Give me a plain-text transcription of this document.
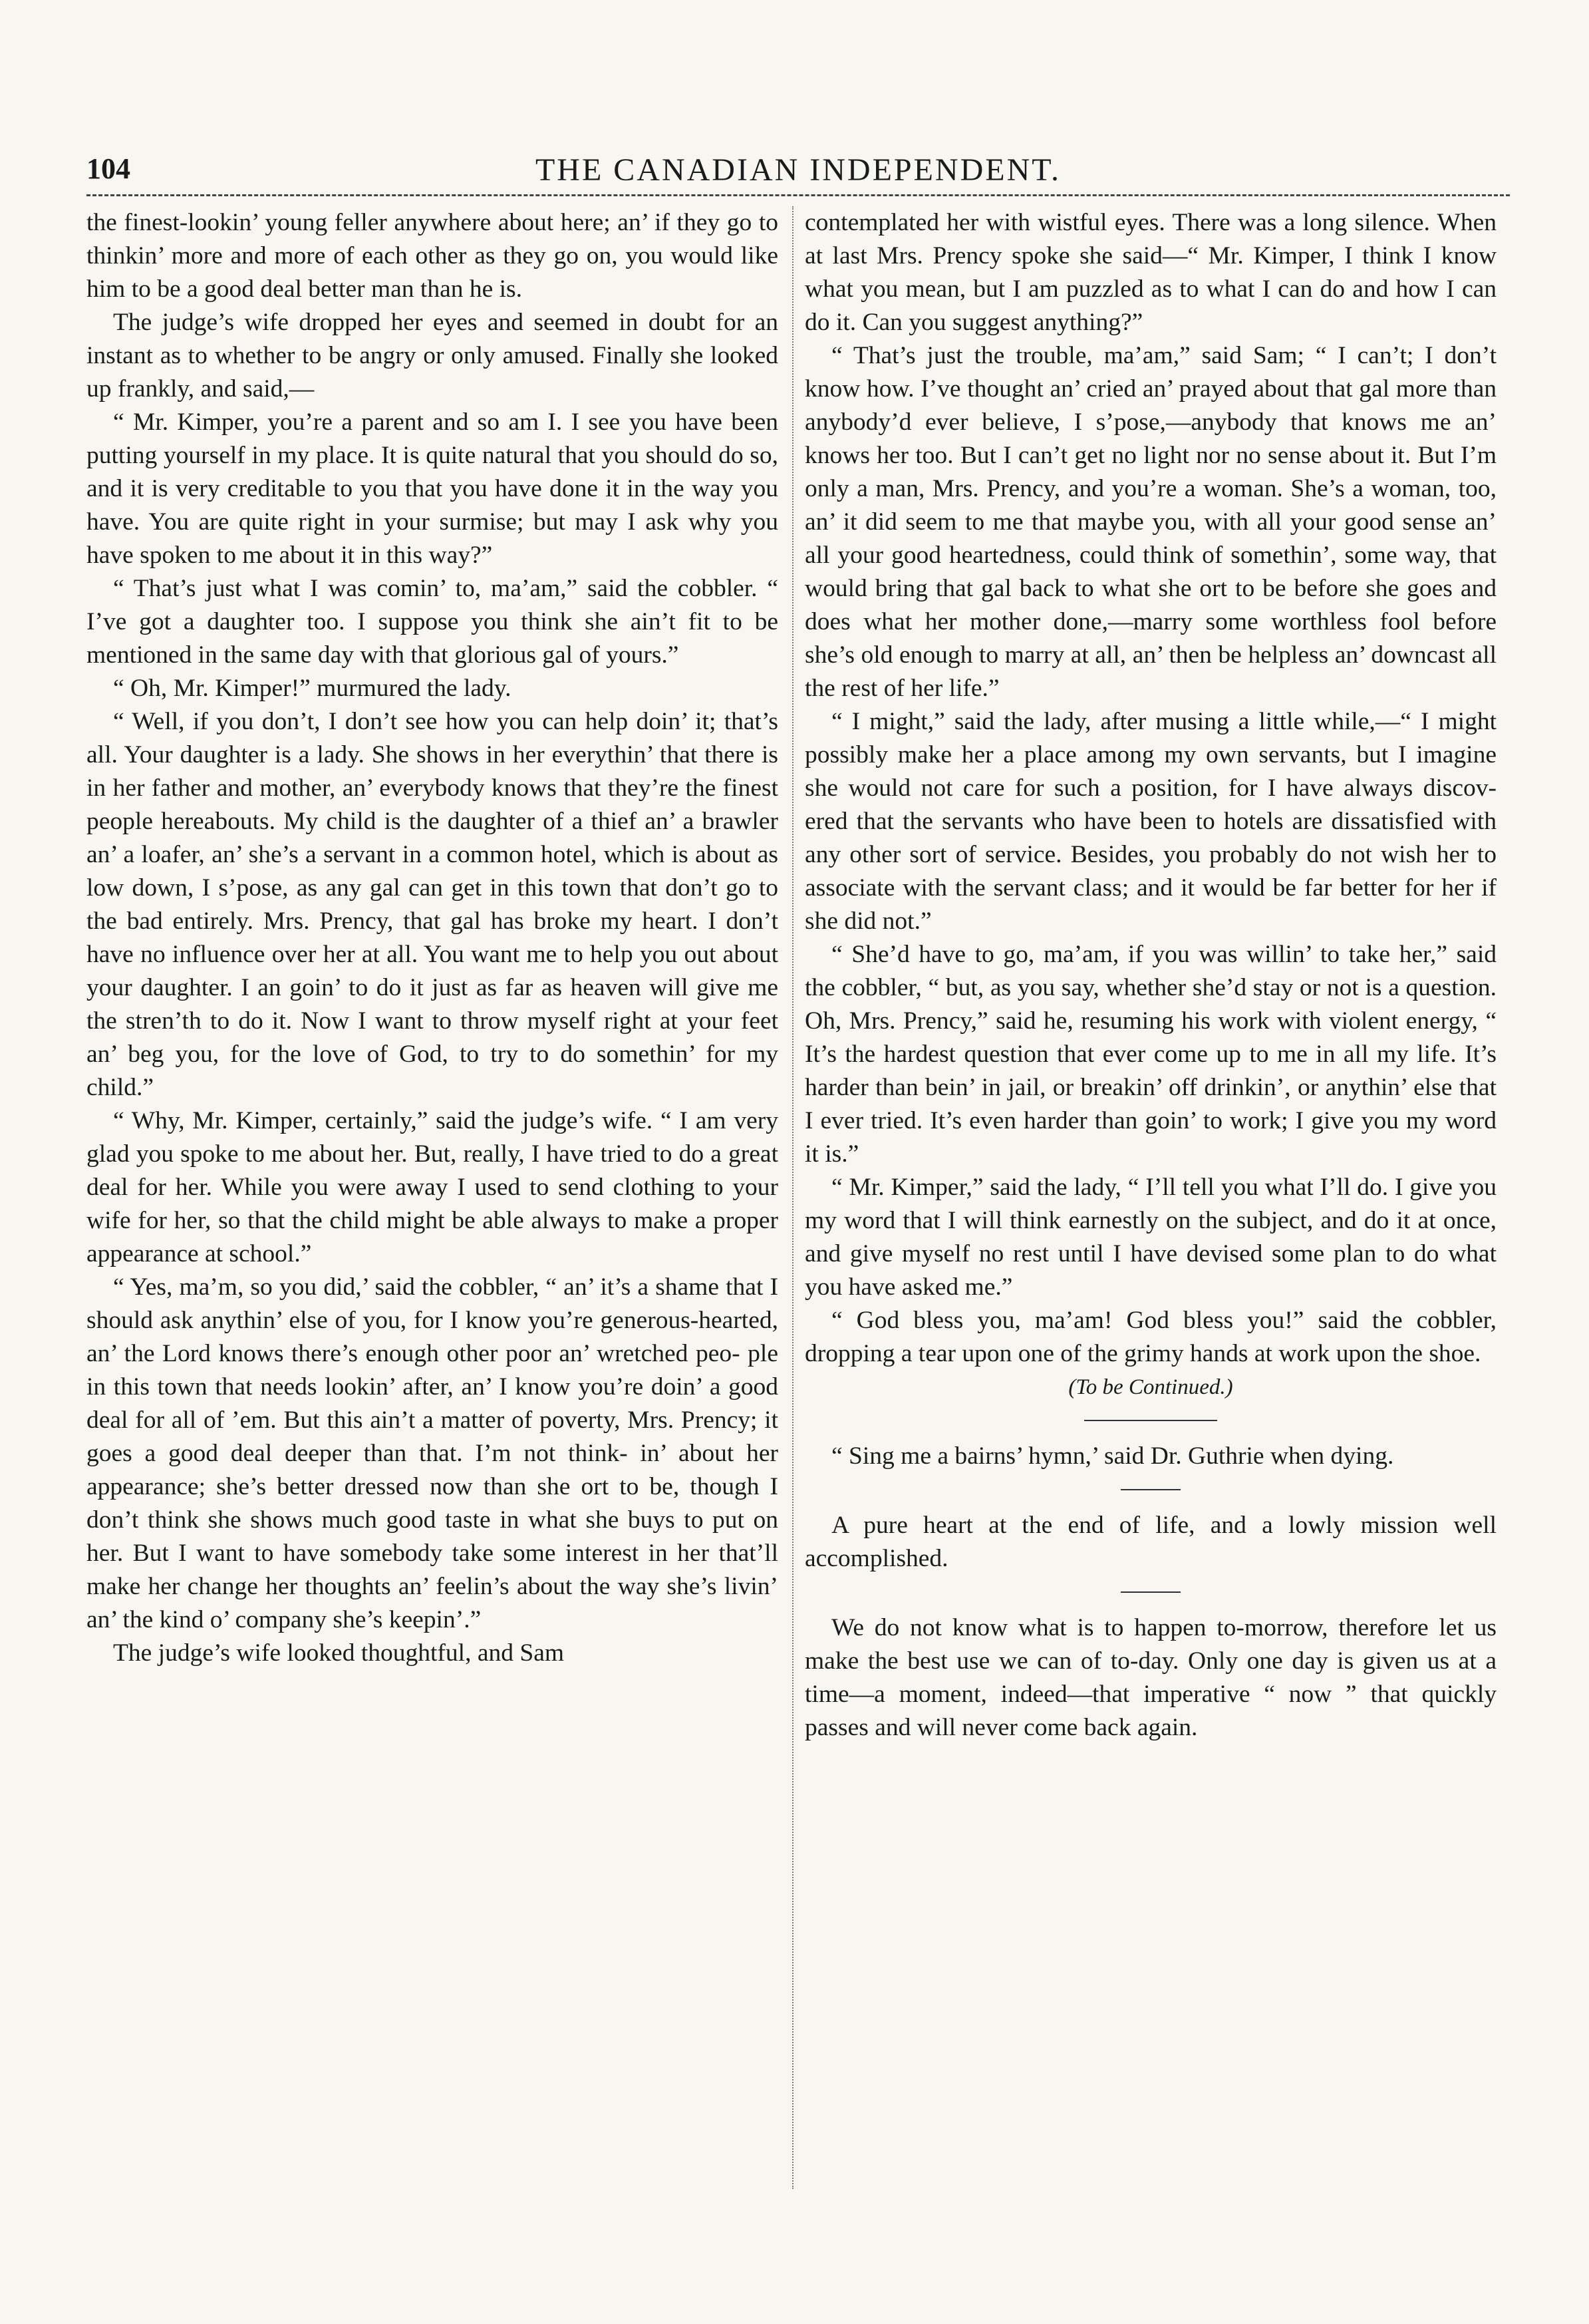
104	THE CANADIAN INDEPENDENT.

the finest-lookin’ young feller anywhere about here; an’ if they go to thinkin’ more and more of each other as they go on, you would like him to be a good deal better man than he is.

The judge’s wife dropped her eyes and seemed in doubt for an instant as to whether to be angry or only amused. Finally she looked up frankly, and said,—

“ Mr. Kimper, you’re a parent and so am I. I see you have been putting yourself in my place. It is quite natural that you should do so, and it is very creditable to you that you have done it in the way you have. You are quite right in your surmise; but may I ask why you have spoken to me about it in this way?”

“ That’s just what I was comin’ to, ma’am,” said the cobbler. “ I’ve got a daughter too. I suppose you think she ain’t fit to be mentioned in the same day with that glorious gal of yours.”

“ Oh, Mr. Kimper!” murmured the lady.

“ Well, if you don’t, I don’t see how you can help doin’ it; that’s all. Your daughter is a lady. She shows in her everythin’ that there is in her father and mother, an’ everybody knows that they’re the finest people hereabouts. My child is the daughter of a thief an’ a brawler an’ a loafer, an’ she’s a servant in a common hotel, which is about as low down, I s’pose, as any gal can get in this town that don’t go to the bad entirely. Mrs. Prency, that gal has broke my heart. I don’t have no influence over her at all. You want me to help you out about your daughter. I an goin’ to do it just as far as heaven will give me the stren’th to do it. Now I want to throw myself right at your feet an’ beg you, for the love of God, to try to do somethin’ for my child.”

“ Why, Mr. Kimper, certainly,” said the judge’s wife. “ I am very glad you spoke to me about her. But, really, I have tried to do a great deal for her. While you were away I used to send clothing to your wife for her, so that the child might be able always to make a proper appearance at school.”

“ Yes, ma’m, so you did,’ said the cobbler, “ an’ it’s a shame that I should ask anythin’ else of you, for I know you’re generous-hearted, an’ the Lord knows there’s enough other poor an’ wretched peo- ple in this town that needs lookin’ after, an’ I know you’re doin’ a good deal for all of ’em. But this ain’t a matter of poverty, Mrs. Prency; it goes a good deal deeper than that. I’m not think- in’ about her appearance; she’s better dressed now than she ort to be, though I don’t think she shows much good taste in what she buys to put on her. But I want to have somebody take some interest in her that’ll make her change her thoughts an’ feelin’s about the way she’s livin’ an’ the kind o’ company she’s keepin’.”

The judge’s wife looked thoughtful, and Sam

contemplated her with wistful eyes. There was a long silence. When at last Mrs. Prency spoke she said—“ Mr. Kimper, I think I know what you mean, but I am puzzled as to what I can do and how I can do it. Can you suggest anything?”

“ That’s just the trouble, ma’am,” said Sam; “ I can’t; I don’t know how. I’ve thought an’ cried an’ prayed about that gal more than anybody’d ever believe, I s’pose,—anybody that knows me an’ knows her too. But I can’t get no light nor no sense about it. But I’m only a man, Mrs. Prency, and you’re a woman. She’s a woman, too, an’ it did seem to me that maybe you, with all your good sense an’ all your good heartedness, could think of somethin’, some way, that would bring that gal back to what she ort to be before she goes and does what her mother done,—marry some worthless fool before she’s old enough to marry at all, an’ then be helpless an’ downcast all the rest of her life.”

“ I might,” said the lady, after musing a little while,—“ I might possibly make her a place among my own servants, but I imagine she would not care for such a position, for I have always discov- ered that the servants who have been to hotels are dissatisfied with any other sort of service. Besides, you probably do not wish her to associate with the servant class; and it would be far better for her if she did not.”

“ She’d have to go, ma’am, if you was willin’ to take her,” said the cobbler, “ but, as you say, whether she’d stay or not is a question. Oh, Mrs. Prency,” said he, resuming his work with violent energy, “ It’s the hardest question that ever come up to me in all my life. It’s harder than bein’ in jail, or breakin’ off drinkin’, or anythin’ else that I ever tried. It’s even harder than goin’ to work; I give you my word it is.”

“ Mr. Kimper,” said the lady, “ I’ll tell you what I’ll do. I give you my word that I will think earnestly on the subject, and do it at once, and give myself no rest until I have devised some plan to do what you have asked me.”

“ God bless you, ma’am! God bless you!” said the cobbler, dropping a tear upon one of the grimy hands at work upon the shoe.

(To be Continued.)

“ Sing me a bairns’ hymn,’ said Dr. Guthrie when dying.

A pure heart at the end of life, and a lowly mission well accomplished.

We do not know what is to happen to-morrow, therefore let us make the best use we can of to-day. Only one day is given us at a time—a moment, indeed—that imperative “ now ” that quickly passes and will never come back again.
